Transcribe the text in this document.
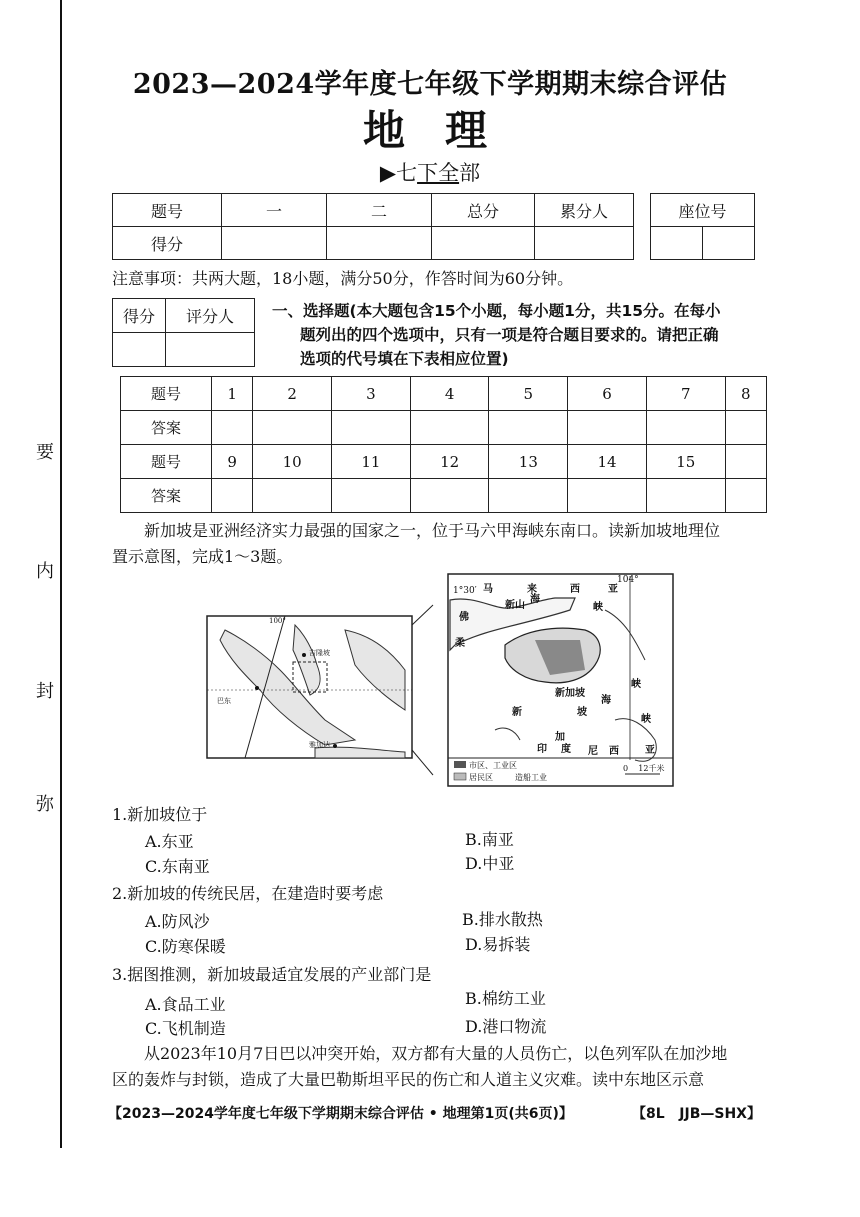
要
内
封
弥
2023—2024学年度七年级下学期期末综合评估
地理
▶七下全部
题号	一	二	总分	累分人
得分				
座位号

注意事项：共两大题，18小题，满分50分，作答时间为60分钟。
得分	评分人
	一、选择题(本大题包含15个小题，每小题1分，共15分。在每小

题列出的四个选项中，只有一项是符合题目要求的。请把正确
选项的代号填在下表相应位置)
题号	1	2	3	4	5	6	7	8
答案								
题号	9	10	11	12	13	14	15	
答案								
新加坡是亚洲经济实力最强的国家之一，位于马六甲海峡东南口。读新加坡地理位
置示意图，完成1～3题。
100°
吉隆坡
雅加达
巴东
1°30′
104°
马	来	西	亚
新山
海
峡
佛
柔
新加坡
新
加
坡
海
峡
印 度 尼 西	亚
峡
市区、工业区
居民区	造船工业
0    12千米
1.新加坡位于
A.东亚	B.南亚
C.东南亚	D.中亚
2.新加坡的传统民居，在建造时要考虑
A.防风沙	B.排水散热
C.防寒保暖	D.易拆装
3.据图推测，新加坡最适宜发展的产业部门是
A.食品工业	B.棉纺工业
C.飞机制造	D.港口物流
从2023年10月7日巴以冲突开始，双方都有大量的人员伤亡，以色列军队在加沙地
区的轰炸与封锁，造成了大量巴勒斯坦平民的伤亡和人道主义灾难。读中东地区示意
【2023—2024学年度七年级下学期期末综合评估 • 地理第1页(共6页)】	【8L   JJB—SHX】
